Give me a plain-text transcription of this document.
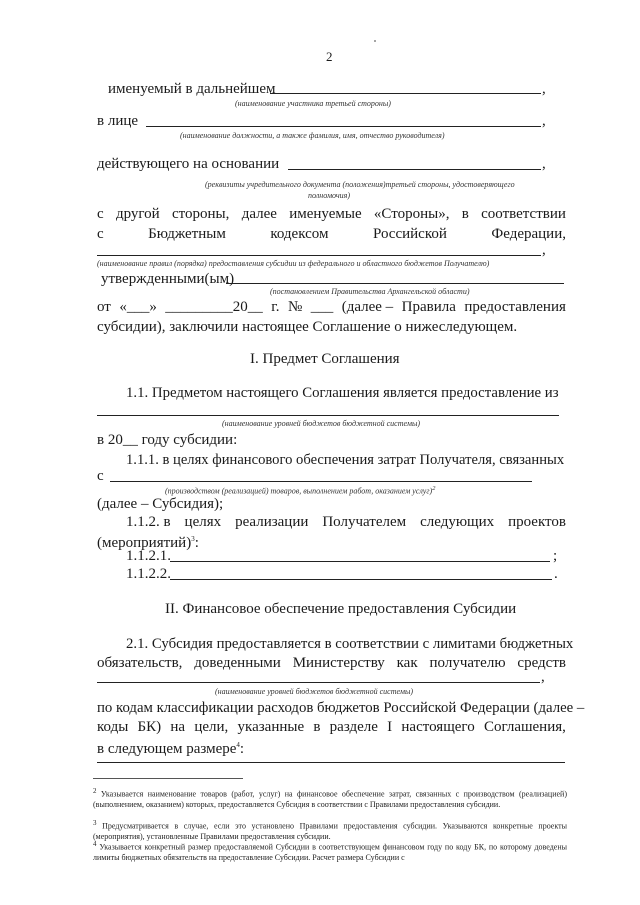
2
именуемый в дальнейшем	,
(наименование участника третьей стороны)
в лице	,
(наименование должности, а также фамилия, имя, отчество руководителя)
действующего на основании	,
(реквизиты учредительного документа (положения)третьей стороны, удостоверяющего
полномочия)
с другой стороны, далее именуемые «Стороны», в соответствии
с	Бюджетным	кодексом	Российской	Федерации,
,
(наименование правил (порядка) предоставления субсидии из федерального и областного бюджетов Получателю)
утвержденными(ым)
(постановлением Правительства Архангельской области)
от «___» _________20__ г. № ___ (далее – Правила предоставления
субсидии), заключили настоящее Соглашение о нижеследующем.
I. Предмет Соглашения
1.1. Предметом настоящего Соглашения является предоставление из
(наименование уровней бюджетов бюджетной системы)
в 20__ году субсидии:
1.1.1. в целях финансового обеспечения затрат Получателя, связанных
с
(производством (реализацией) товаров, выполнением работ, оказанием услуг)$^2$
(далее – Субсидия);
1.1.2. в целях реализации Получателем следующих проектов
(мероприятий)$^3$:
1.1.2.1.	;
1.1.2.2.	.
II. Финансовое обеспечение предоставления Субсидии
2.1. Субсидия предоставляется в соответствии с лимитами бюджетных
обязательств, доведенными Министерству как получателю средств
,
(наименование уровней бюджетов бюджетной системы)
по кодам классификации расходов бюджетов Российской Федерации (далее –
коды БК) на цели, указанные в разделе I настоящего Соглашения,
в следующем размере$^4$:
$^2$ Указывается наименование товаров (работ, услуг) на финансовое обеспечение затрат, связанных с производством (реализацией) (выполнением, оказанием) которых, предоставляется Субсидия в соответствии с Правилами предоставления субсидии.
$^3$ Предусматривается в случае, если это установлено Правилами предоставления субсидии. Указываются конкретные проекты (мероприятия), установленные Правилами предоставления субсидии.
$^4$ Указывается конкретный размер предоставляемой Субсидии в соответствующем финансовом году по коду БК, по которому доведены лимиты бюджетных обязательств на предоставление Субсидии. Расчет размера Субсидии с
